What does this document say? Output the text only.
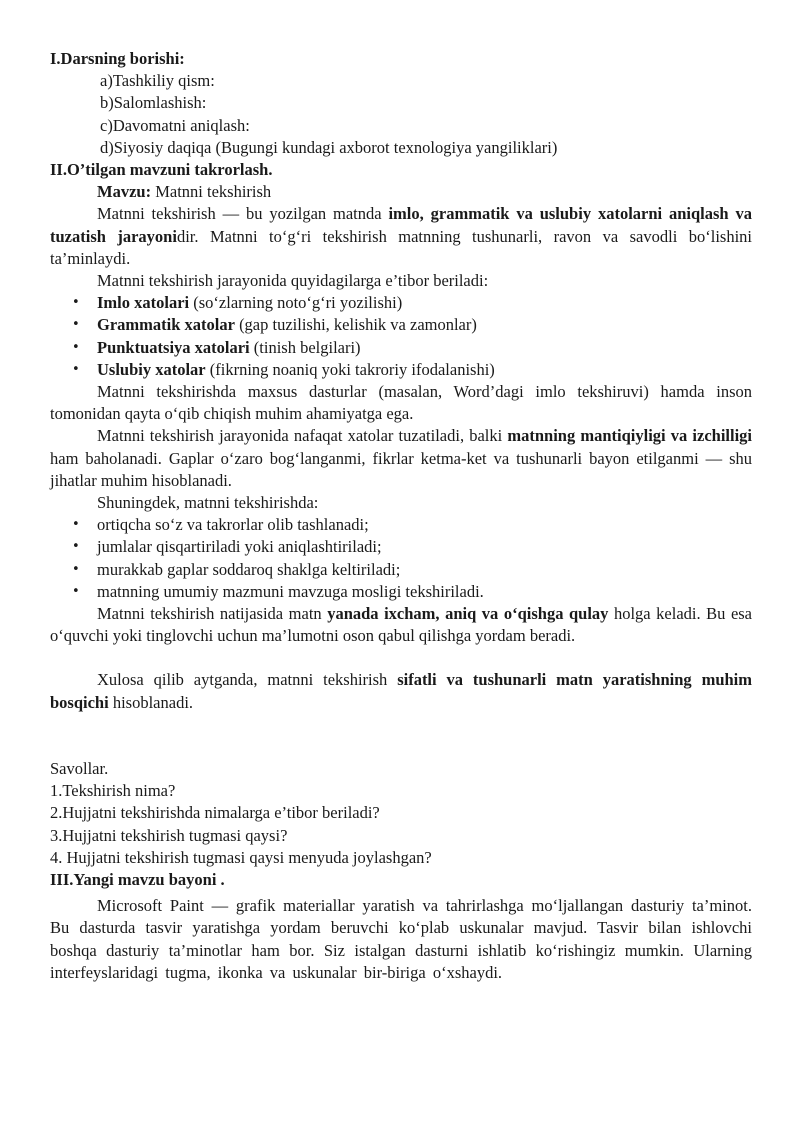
I.Darsning borishi:

a)Tashkiliy qism:

b)Salomlashish:

c)Davomatni aniqlash:

d)Siyosiy daqiqa (Bugungi kundagi axborot texnologiya yangiliklari)

II.O’tilgan mavzuni takrorlash.

Mavzu: Matnni tekshirish

Matnni tekshirish — bu yozilgan matnda imlo, grammatik va uslubiy xatolarni aniqlash va tuzatish jarayonidir. Matnni to‘g‘ri tekshirish matnning tushunarli, ravon va savodli bo‘lishini ta’minlaydi.

Matnni tekshirish jarayonida quyidagilarga e’tibor beriladi:

• Imlo xatolari (so‘zlarning noto‘g‘ri yozilishi)
• Grammatik xatolar (gap tuzilishi, kelishik va zamonlar)
• Punktuatsiya xatolari (tinish belgilari)
• Uslubiy xatolar (fikrning noaniq yoki takroriy ifodalanishi)

Matnni tekshirishda maxsus dasturlar (masalan, Word’dagi imlo tekshiruvi) hamda inson tomonidan qayta o‘qib chiqish muhim ahamiyatga ega.

Matnni tekshirish jarayonida nafaqat xatolar tuzatiladi, balki matnning mantiqiyligi va izchilligi ham baholanadi. Gaplar o‘zaro bog‘langanmi, fikrlar ketma-ket va tushunarli bayon etilganmi — shu jihatlar muhim hisoblanadi.

Shuningdek, matnni tekshirishda:

• ortiqcha so‘z va takrorlar olib tashlanadi;
• jumlalar qisqartiriladi yoki aniqlashtiriladi;
• murakkab gaplar soddaroq shaklga keltiriladi;
• matnning umumiy mazmuni mavzuga mosligi tekshiriladi.

Matnni tekshirish natijasida matn yanada ixcham, aniq va o‘qishga qulay holga keladi. Bu esa o‘quvchi yoki tinglovchi uchun ma’lumotni oson qabul qilishga yordam beradi.

Xulosa qilib aytganda, matnni tekshirish sifatli va tushunarli matn yaratishning muhim bosqichi hisoblanadi.

Savollar.

1.Tekshirish nima?

2.Hujjatni tekshirishda nimalarga e’tibor beriladi?

3.Hujjatni tekshirish tugmasi qaysi?

4. Hujjatni tekshirish tugmasi qaysi menyuda joylashgan?

III.Yangi mavzu bayoni .

Microsoft Paint — grafik materiallar yaratish va tahrirlashga mo‘ljallangan dasturiy ta’minot. Bu dasturda tasvir yaratishga yordam beruvchi ko‘plab uskunalar mavjud. Tasvir bilan ishlovchi boshqa dasturiy ta’minotlar ham bor. Siz istalgan dasturni ishlatib ko‘rishingiz mumkin. Ularning interfeyslaridagi tugma, ikonka va uskunalar bir-biriga o‘xshaydi.
